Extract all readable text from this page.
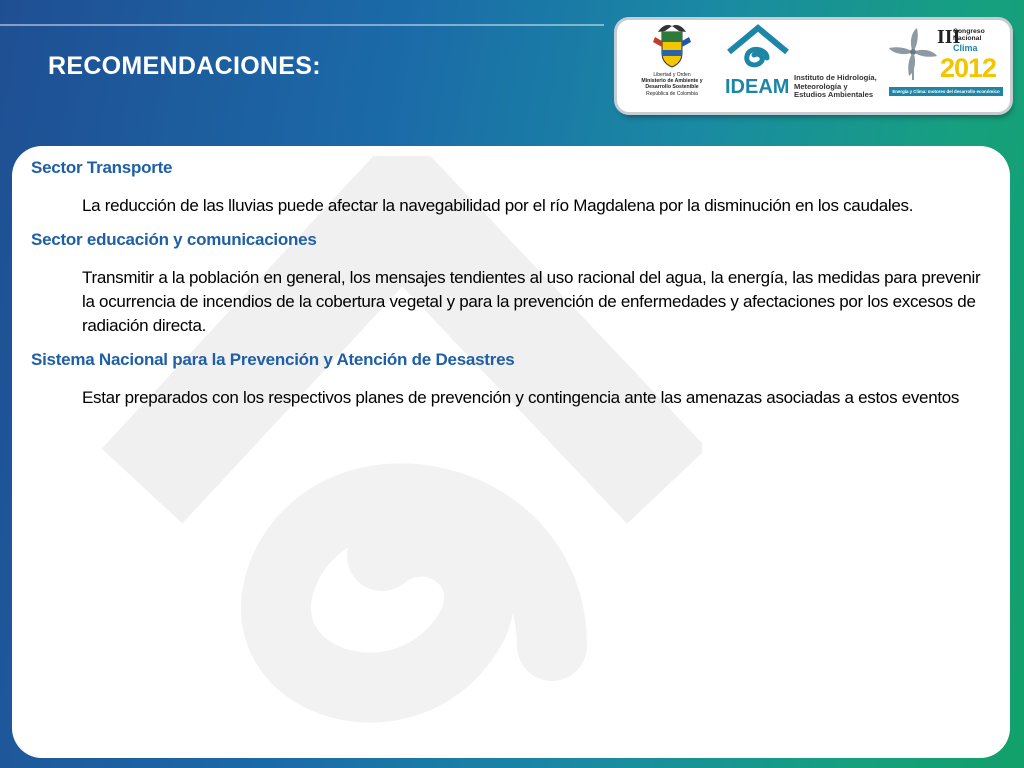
RECOMENDACIONES:	Libertad y Orden
Ministerio de Ambiente y
Desarrollo Sostenible
República de Colombia	IDEAM Instituto de Hidrología,
Meteorología y
Estudios Ambientales
III
Congreso
Nacional
Clima
2012
Energía y Clima: motores del desarrollo económico
Sector Transporte

La reducción de las lluvias puede afectar la navegabilidad por el río Magdalena por la disminución en los caudales.

Sector educación y comunicaciones

Transmitir a la población en general, los mensajes tendientes al uso racional del agua, la energía, las medidas para prevenir la ocurrencia de incendios de la cobertura vegetal y para la prevención de enfermedades y afectaciones por los excesos de radiación directa.

Sistema Nacional para la Prevención y Atención de Desastres

Estar preparados con los respectivos planes de prevención y contingencia ante las amenazas asociadas a estos eventos
